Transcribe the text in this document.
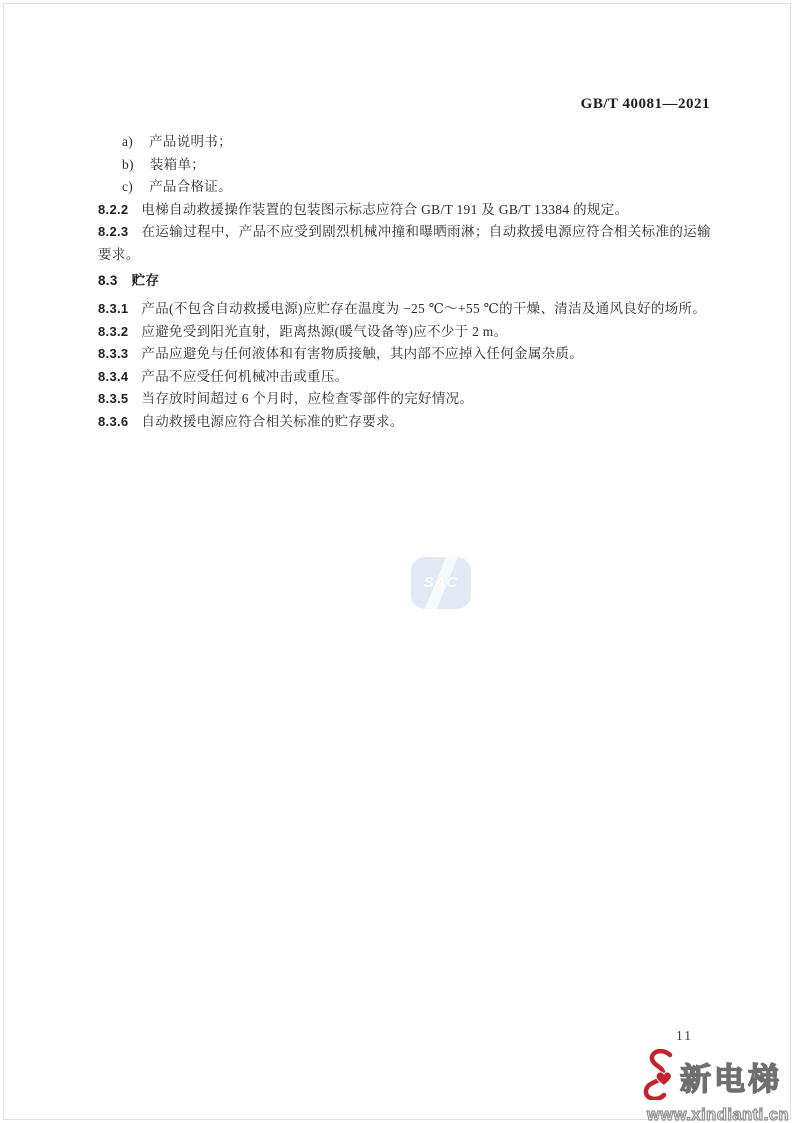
GB/T 40081—2021
a) 产品说明书；
b) 装箱单；
c) 产品合格证。
8.2.2 电梯自动救援操作装置的包装图示标志应符合 GB/T 191 及 GB/T 13384 的规定。
8.2.3 在运输过程中，产品不应受到剧烈机械冲撞和曝晒雨淋；自动救援电源应符合相关标准的运输要求。
8.3 贮存

8.3.1 产品(不包含自动救援电源)应贮存在温度为 −25 ℃～+55 ℃的干燥、清洁及通风良好的场所。

8.3.2 应避免受到阳光直射，距离热源(暖气设备等)应不少于 2 m。

8.3.3 产品应避免与任何液体和有害物质接触，其内部不应掉入任何金属杂质。

8.3.4 产品不应受任何机械冲击或重压。

8.3.5 当存放时间超过 6 个月时，应检查零部件的完好情况。

8.3.6 自动救援电源应符合相关标准的贮存要求。

SAC
11
新电梯
www.xindianti.cn
